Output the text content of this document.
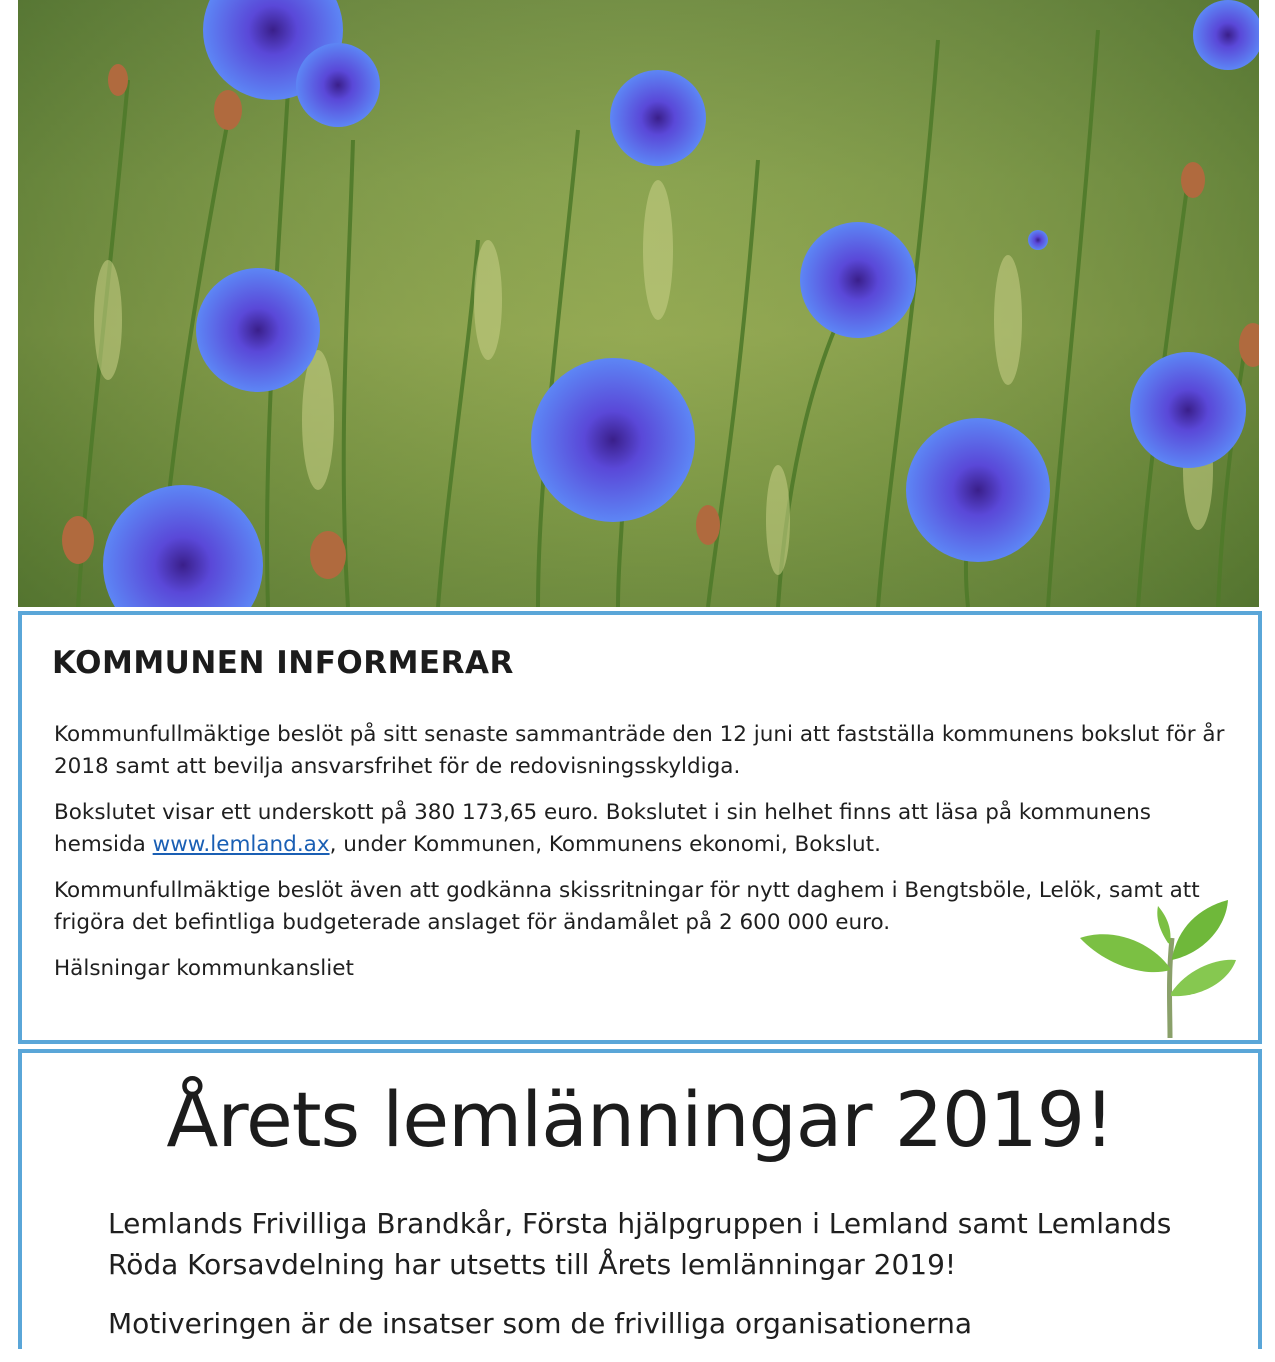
KOMMUNEN INFORMERAR

Kommunfullmäktige beslöt på sitt senaste sammanträde den 12 juni att fastställa kommunens bokslut för år 2018 samt att bevilja ansvarsfrihet för de redovisningsskyldiga.

Bokslutet visar ett underskott på 380 173,65 euro. Bokslutet i sin helhet finns att läsa på kommunens hemsida www.lemland.ax, under Kommunen, Kommunens ekonomi, Bokslut.

Kommunfullmäktige beslöt även att godkänna skissritningar för nytt daghem i Bengtsböle, Lelök, samt att frigöra det befintliga budgeterade anslaget för ändamålet på 2 600 000 euro.

Hälsningar kommunkansliet

Årets lemlänningar 2019!

Lemlands Frivilliga Brandkår, Första hjälpgruppen i Lemland samt Lemlands Röda Korsavdelning har utsetts till Årets lemlänningar 2019!

Motiveringen är de insatser som de frivilliga organisationerna
